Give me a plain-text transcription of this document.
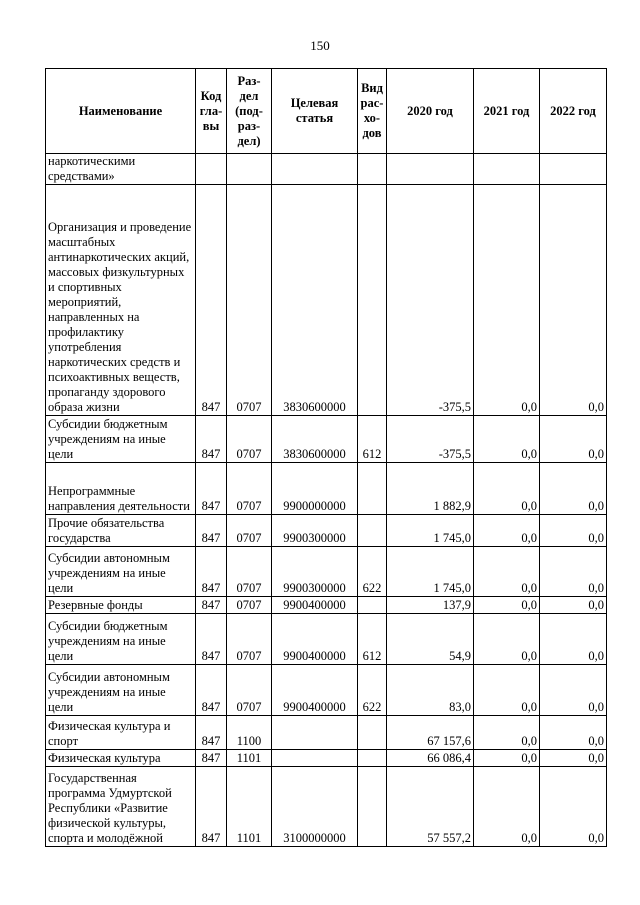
150
Наименование	Код гла- вы	Раз- дел (под- раз- дел)	Целевая статья	Вид рас- хо- дов	2020 год	2021 год	2022 год
наркотическими средствами»							
Организация и проведение масштабных антинаркотических акций, массовых физкультурных и спортивных мероприятий, направленных на профилактику употребления наркотических средств и психоактивных веществ, пропаганду здорового образа жизни	847	0707	3830600000		-375,5	0,0	0,0
Субсидии бюджетным учреждениям на иные цели	847	0707	3830600000	612	-375,5	0,0	0,0
Непрограммные направления деятельности	847	0707	9900000000		1 882,9	0,0	0,0
Прочие обязательства государства	847	0707	9900300000		1 745,0	0,0	0,0
Субсидии автономным учреждениям на иные цели	847	0707	9900300000	622	1 745,0	0,0	0,0
Резервные фонды	847	0707	9900400000		137,9	0,0	0,0
Субсидии бюджетным учреждениям на иные цели	847	0707	9900400000	612	54,9	0,0	0,0
Субсидии автономным учреждениям на иные цели	847	0707	9900400000	622	83,0	0,0	0,0
Физическая культура и спорт	847	1100			67 157,6	0,0	0,0
Физическая культура	847	1101			66 086,4	0,0	0,0
Государственная программа Удмуртской Республики «Развитие физической культуры, спорта и молодёжной	847	1101	3100000000		57 557,2	0,0	0,0
